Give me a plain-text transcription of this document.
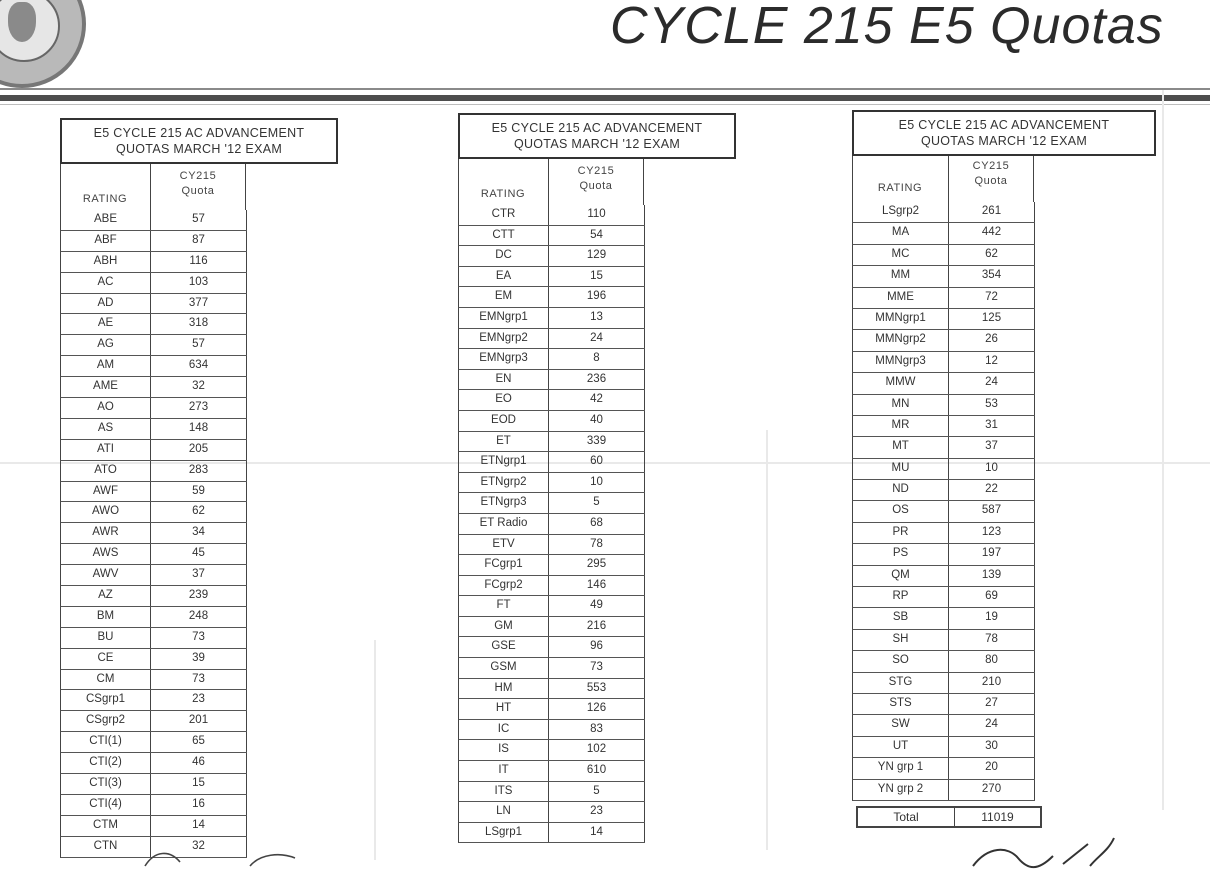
CYCLE 215 E5 Quotas
E5 CYCLE 215 AC ADVANCEMENT
QUOTAS MARCH '12 EXAM
CY215
Quota
RATING
ABE	57
ABF	87
ABH	116
AC	103
AD	377
AE	318
AG	57
AM	634
AME	32
AO	273
AS	148
ATI	205
ATO	283
AWF	59
AWO	62
AWR	34
AWS	45
AWV	37
AZ	239
BM	248
BU	73
CE	39
CM	73
CSgrp1	23
CSgrp2	201
CTI(1)	65
CTI(2)	46
CTI(3)	15
CTI(4)	16
CTM	14
CTN	32
E5 CYCLE 215 AC ADVANCEMENT
QUOTAS MARCH '12 EXAM
CY215
Quota
RATING
CTR	110
CTT	54
DC	129
EA	15
EM	196
EMNgrp1	13
EMNgrp2	24
EMNgrp3	8
EN	236
EO	42
EOD	40
ET	339
ETNgrp1	60
ETNgrp2	10
ETNgrp3	5
ET Radio	68
ETV	78
FCgrp1	295
FCgrp2	146
FT	49
GM	216
GSE	96
GSM	73
HM	553
HT	126
IC	83
IS	102
IT	610
ITS	5
LN	23
LSgrp1	14
E5 CYCLE 215 AC ADVANCEMENT
QUOTAS MARCH '12 EXAM
CY215
Quota
RATING
LSgrp2	261
MA	442
MC	62
MM	354
MME	72
MMNgrp1	125
MMNgrp2	26
MMNgrp3	12
MMW	24
MN	53
MR	31
MT	37
MU	10
ND	22
OS	587
PR	123
PS	197
QM	139
RP	69
SB	19
SH	78
SO	80
STG	210
STS	27
SW	24
UT	30
YN grp 1	20
YN grp 2	270
Total	11019
